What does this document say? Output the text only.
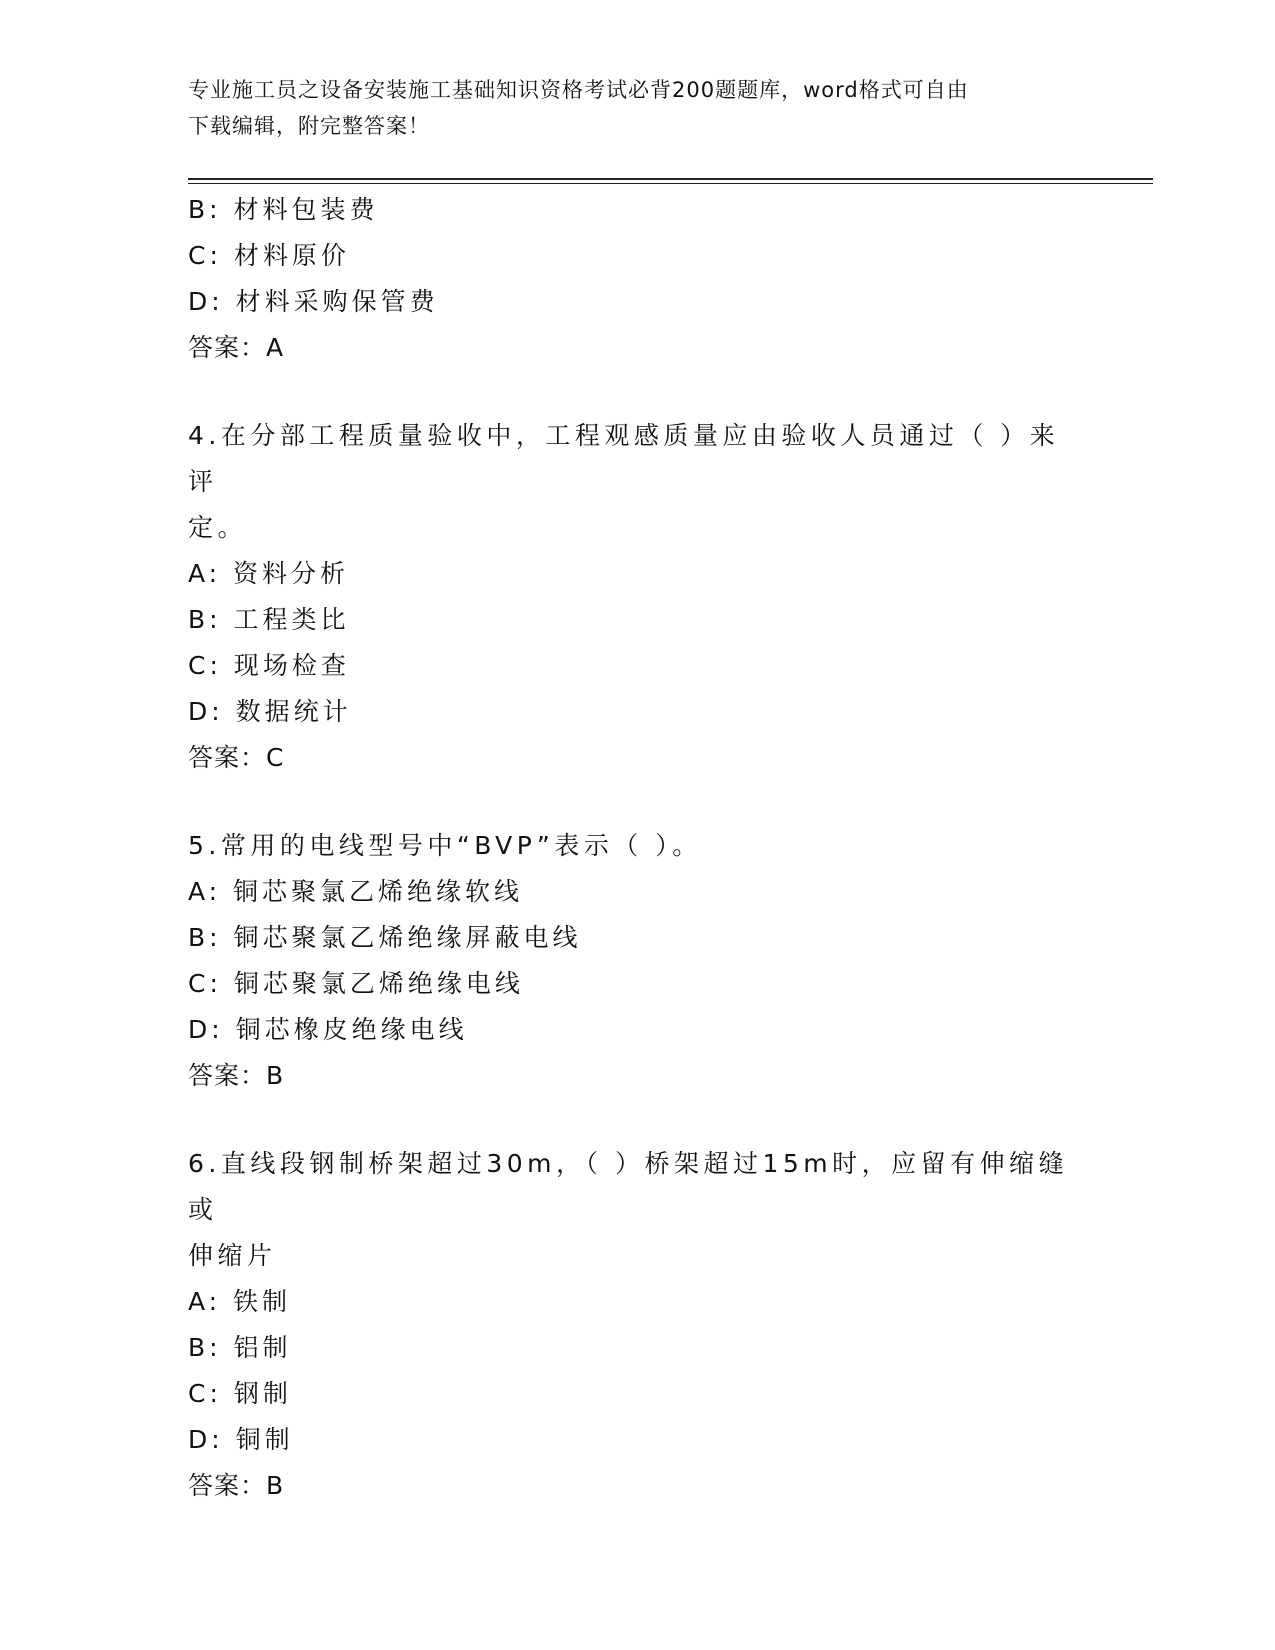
专业施工员之设备安装施工基础知识资格考试必背200题题库，word格式可自由
下载编辑，附完整答案！
B: 材料包装费
C: 材料原价
D: 材料采购保管费
答案：A
4.在分部工程质量验收中，工程观感质量应由验收人员通过（ ）来评
定。
A: 资料分析
B: 工程类比
C: 现场检查
D: 数据统计
答案：C
5.常用的电线型号中“BVP”表示（ ）。
A: 铜芯聚氯乙烯绝缘软线
B: 铜芯聚氯乙烯绝缘屏蔽电线
C: 铜芯聚氯乙烯绝缘电线
D: 铜芯橡皮绝缘电线
答案：B
6.直线段钢制桥架超过30m，（ ）桥架超过15m时，应留有伸缩缝或
伸缩片
A: 铁制
B: 铝制
C: 钢制
D: 铜制
答案：B
